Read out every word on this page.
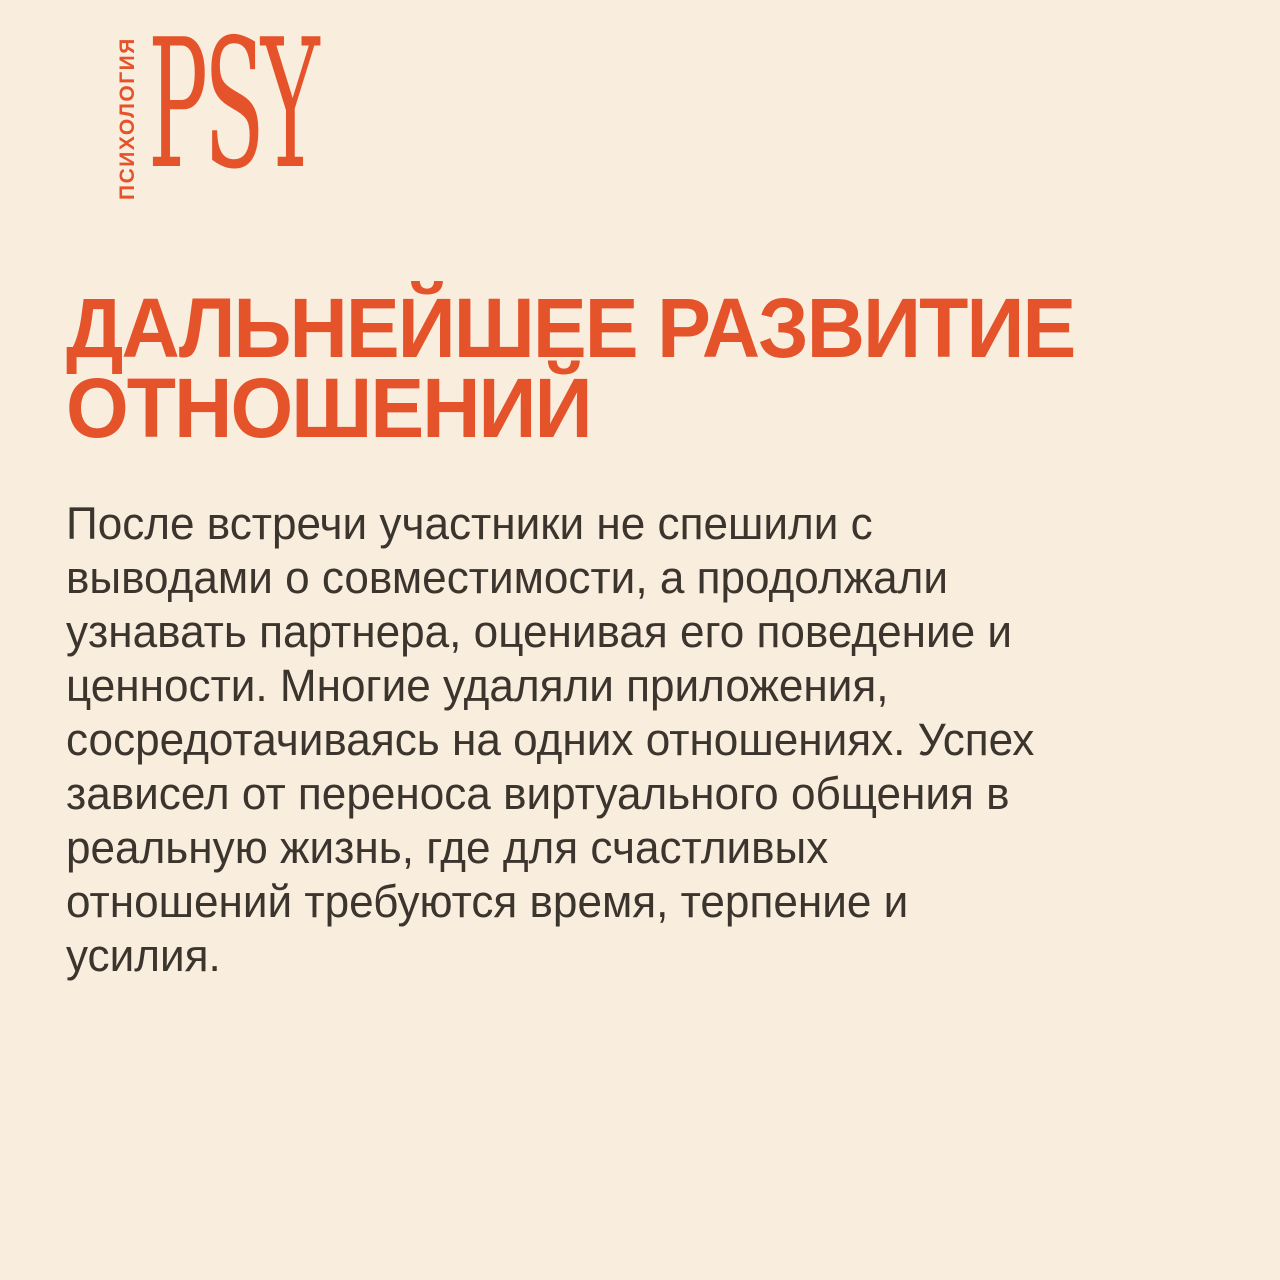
ПСИХОЛОГИЯ PSY
ДАЛЬНЕЙШЕЕ РАЗВИТИЕ
ОТНОШЕНИЙ
После встречи участники не спешили с
выводами о совместимости, а продолжали
узнавать партнера, оценивая его поведение и
ценности. Многие удаляли приложения,
сосредотачиваясь на одних отношениях. Успех
зависел от переноса виртуального общения в
реальную жизнь, где для счастливых
отношений требуются время, терпение и
усилия.
